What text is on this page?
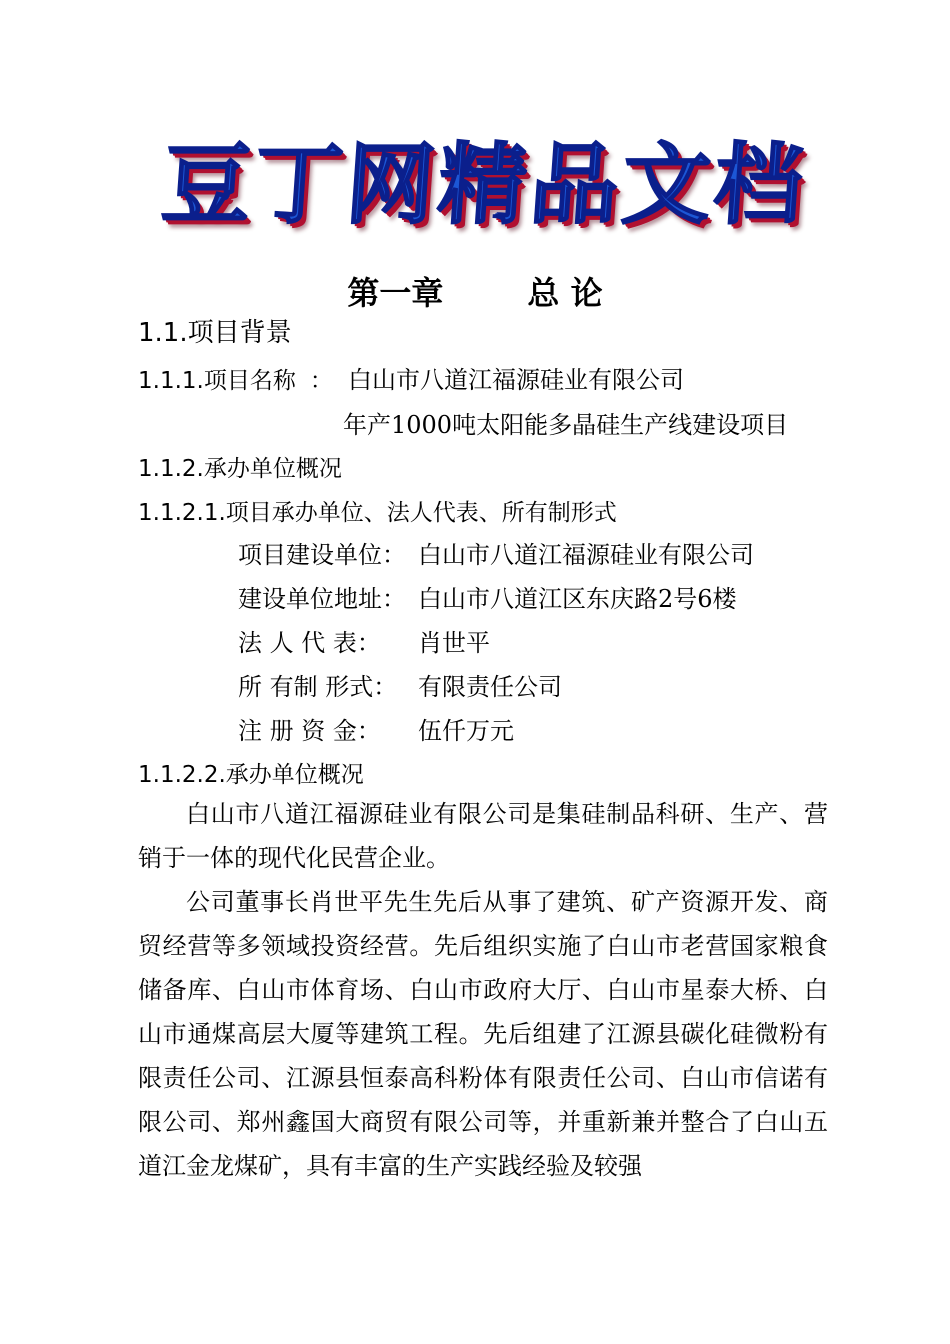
豆丁网精品文档
第一章	总 论
1.1.项目背景
1.1.1.项目名称 ： 白山市八道江福源硅业有限公司
年产1000吨太阳能多晶硅生产线建设项目
1.1.2.承办单位概况
1.1.2.1.项目承办单位、法人代表、所有制形式
项目建设单位： 白山市八道江福源硅业有限公司
建设单位地址： 白山市八道江区东庆路2号6楼
法 人 代 表： 肖世平
所 有制 形式： 有限责任公司
注 册 资 金： 伍仟万元
1.1.2.2.承办单位概况
白山市八道江福源硅业有限公司是集硅制品科研、生产、营销于一体的现代化民营企业。
公司董事长肖世平先生先后从事了建筑、矿产资源开发、商贸经营等多领域投资经营。先后组织实施了白山市老营国家粮食储备库、白山市体育场、白山市政府大厅、白山市星泰大桥、白山市通煤高层大厦等建筑工程。先后组建了江源县碳化硅微粉有限责任公司、江源县恒泰高科粉体有限责任公司、白山市信诺有限公司、郑州鑫国大商贸有限公司等，并重新兼并整合了白山五道江金龙煤矿，具有丰富的生产实践经验及较强
